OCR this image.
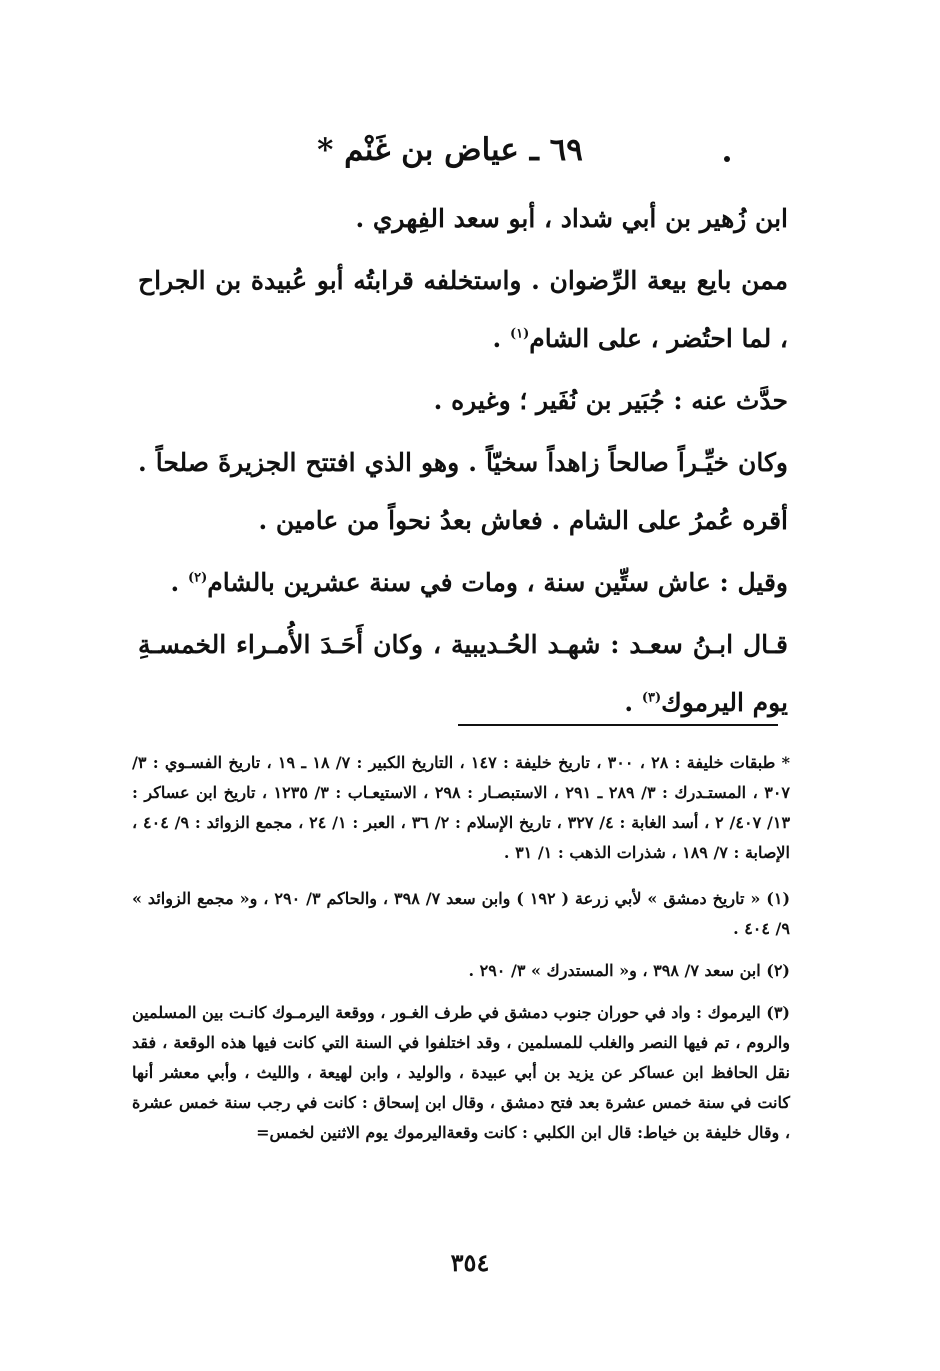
٦٩ ـ عياض بن غَنْم *

ابن زُهير بن أبي شداد ، أبو سعد الفِهري .

ممن بايع بيعة الرِّضوان . واستخلفه قرابتُه أبو عُبيدة بن الجراح ، لما احتُضر ، على الشام$^{(١)}$ .

حدَّث عنه : جُبَير بن نُفَير ؛ وغيره .

وكان خيِّـراً صالحاً زاهداً سخيّاً . وهو الذي افتتح الجزيرةَ صلحاً . أقره عُمرُ على الشام . فعاش بعدُ نحواً من عامين .

وقيل : عاش ستِّين سنة ، ومات في سنة عشرين بالشام$^{(٢)}$ .

قـال ابـنُ سعـد : شهـد الحُـديبية ، وكان أَحَـدَ الأُمـراء الخمسـةِ يوم اليرموك$^{(٣)}$ .

* طبقات خليفة : ٢٨ ، ٣٠٠ ، تاريخ خليفة : ١٤٧ ، التاريخ الكبير : ٧/ ١٨ ـ ١٩ ، تاريخ الفسـوي : ٣/ ٣٠٧ ، المستـدرك : ٣/ ٢٨٩ ـ ٢٩١ ، الاستبصـار : ٢٩٨ ، الاستيعـاب : ٣/ ١٢٣٥ ، تاريخ ابن عساكر : ١٣/ ٤٠٧/ ٢ ، أسد الغابة : ٤/ ٣٢٧ ، تاريخ الإسلام : ٢/ ٣٦ ، العبر : ١/ ٢٤ ، مجمع الزوائد : ٩/ ٤٠٤ ، الإصابة : ٧/ ١٨٩ ، شذرات الذهب : ١/ ٣١ .

(١) « تاريخ دمشق » لأبي زرعة ( ١٩٢ ) وابن سعد ٧/ ٣٩٨ ، والحاكم ٣/ ٢٩٠ ، و« مجمع الزوائد » ٩/ ٤٠٤ .

(٢) ابن سعد ٧/ ٣٩٨ ، و« المستدرك » ٣/ ٢٩٠ .

(٣) اليرموك : واد في حوران جنوب دمشق في طرف الغـور ، ووقعة اليرمـوك كانـت بين المسلمين والروم ، تم فيها النصر والغلب للمسلمين ، وقد اختلفوا في السنة التي كانت فيها هذه الوقعة ، فقد نقل الحافظ ابن عساكر عن يزيد بن أبي عبيدة ، والوليد ، وابن لهيعة ، والليث ، وأبي معشر أنها كانت في سنة خمس عشرة بعد فتح دمشق ، وقال ابن إسحاق : كانت في رجب سنة خمس عشرة ، وقال خليفة بن خياط: قال ابن الكلبي : كانت وقعةاليرموك يوم الاثنين لخمس=

٣٥٤
